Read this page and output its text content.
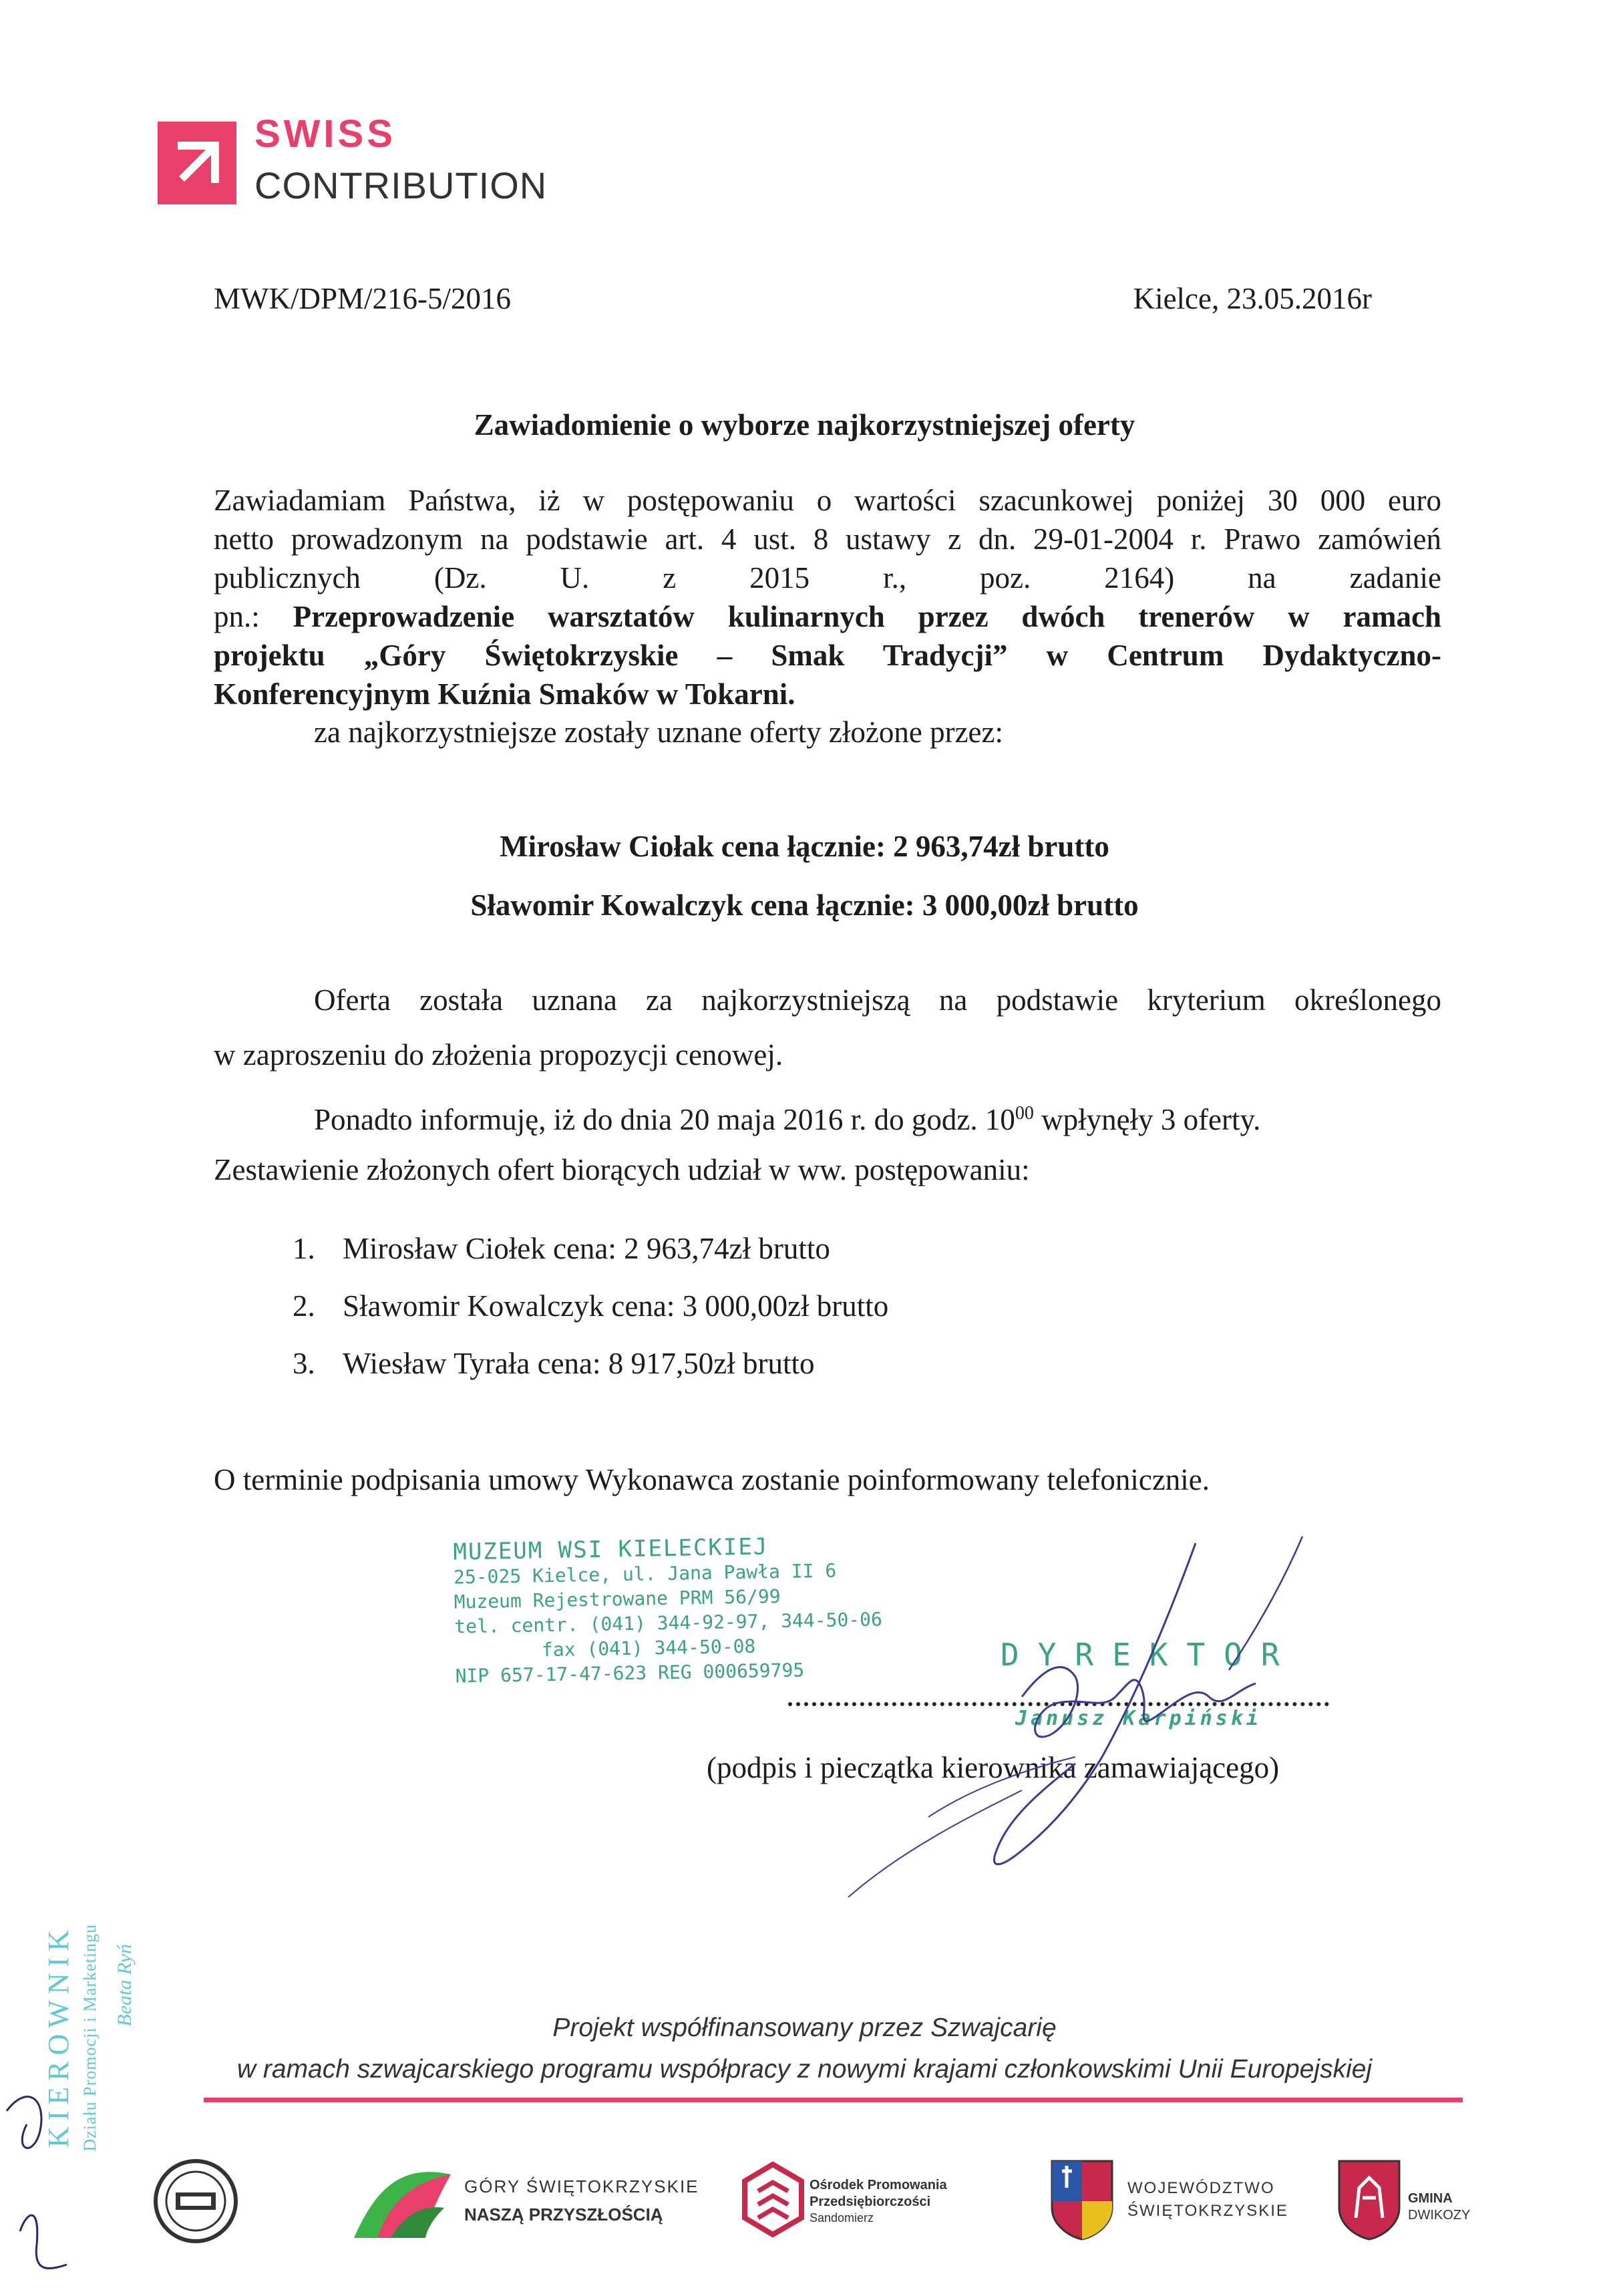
SWISS
CONTRIBUTION
MWK/DPM/216-5/2016	Kielce, 23.05.2016r
Zawiadomienie o wyborze najkorzystniejszej oferty
Zawiadamiam Państwa, iż w postępowaniu o wartości szacunkowej poniżej 30 000 euro
netto prowadzonym na podstawie art. 4 ust. 8 ustawy z dn. 29-01-2004 r. Prawo zamówień
publicznych (Dz. U. z 2015 r., poz. 2164) na zadanie
pn.: Przeprowadzenie warsztatów kulinarnych przez dwóch trenerów w ramach
projektu „Góry Świętokrzyskie – Smak Tradycji” w Centrum Dydaktyczno-
Konferencyjnym Kuźnia Smaków w Tokarni.
za najkorzystniejsze zostały uznane oferty złożone przez:
Mirosław Ciołak cena łącznie: 2 963,74zł brutto
Sławomir Kowalczyk cena łącznie: 3 000,00zł brutto
Oferta została uznana za najkorzystniejszą na podstawie kryterium określonego
w zaproszeniu do złożenia propozycji cenowej.
Ponadto informuję, iż do dnia 20 maja 2016 r. do godz. $10^{00}$ wpłynęły 3 oferty.
Zestawienie złożonych ofert biorących udział w ww. postępowaniu:
1. Mirosław Ciołek cena: 2 963,74zł brutto
2. Sławomir Kowalczyk cena: 3 000,00zł brutto
3. Wiesław Tyrała cena: 8 917,50zł brutto
O terminie podpisania umowy Wykonawca zostanie poinformowany telefonicznie.
MUZEUM WSI KIELECKIEJ
25-025 Kielce, ul. Jana Pawła II 6
Muzeum Rejestrowane PRM 56/99
tel. centr. (041) 344-92-97, 344-50-06
fax (041) 344-50-08
NIP 657-17-47-623 REG 000659795
DYREKTOR
Janusz Karpiński
(podpis i pieczątka kierownika zamawiającego)
KIEROWNIK Działu Promocji i Marketingu Beata Ryń
Projekt współfinansowany przez Szwajcarię
w ramach szwajcarskiego programu współpracy z nowymi krajami członkowskimi Unii Europejskiej
GÓRY ŚWIĘTOKRZYSKIE
NASZĄ PRZYSZŁOŚCIĄ
Ośrodek Promowania
Przedsiębiorczości
Sandomierz
WOJEWÓDZTWO
ŚWIĘTOKRZYSKIE
GMINA
DWIKOZY
